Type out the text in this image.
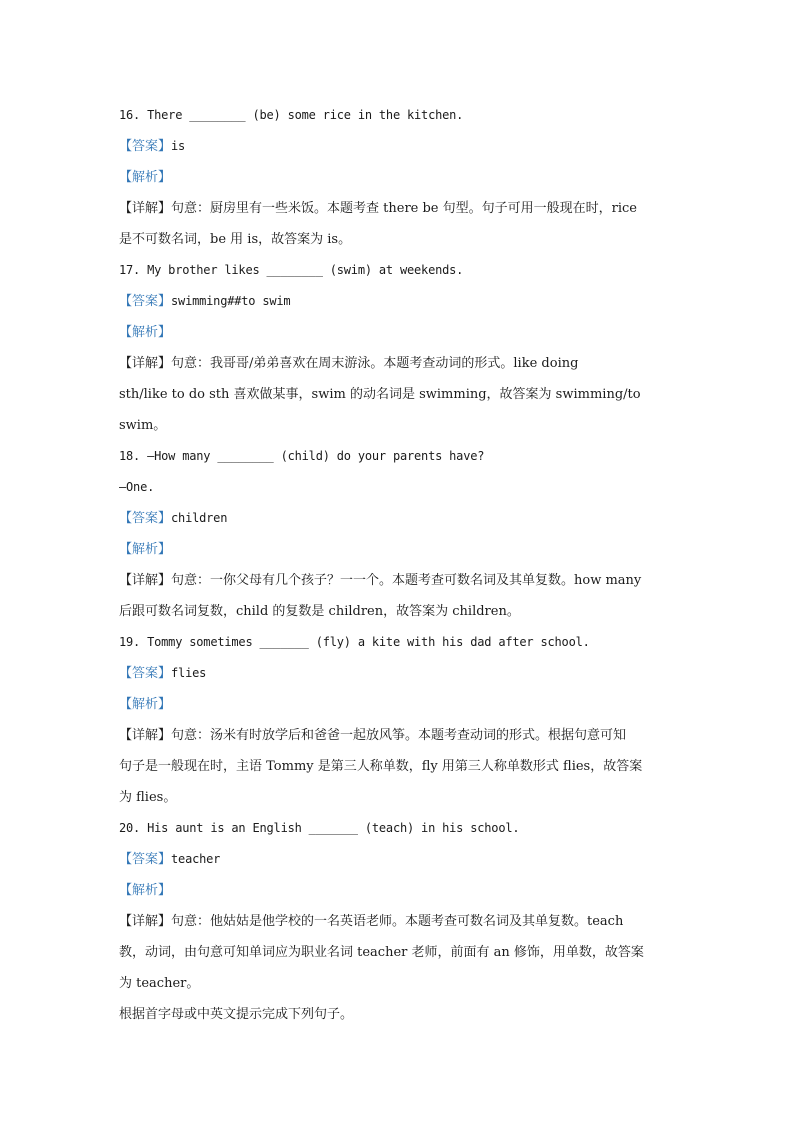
16. There ________ (be) some rice in the kitchen.
【答案】is
【解析】
【详解】句意：厨房里有一些米饭。本题考查 there be 句型。句子可用一般现在时，rice
是不可数名词，be 用 is，故答案为 is。
17. My brother likes ________ (swim) at weekends.
【答案】swimming##to swim
【解析】
【详解】句意：我哥哥/弟弟喜欢在周末游泳。本题考查动词的形式。like doing
sth/like to do sth 喜欢做某事，swim 的动名词是 swimming，故答案为 swimming/to
swim。
18. —How many ________ (child) do your parents have?
—One.
【答案】children
【解析】
【详解】句意：一你父母有几个孩子？一一个。本题考查可数名词及其单复数。how many
后跟可数名词复数，child 的复数是 children，故答案为 children。
19. Tommy sometimes _______ (fly) a kite with his dad after school.
【答案】flies
【解析】
【详解】句意：汤米有时放学后和爸爸一起放风筝。本题考查动词的形式。根据句意可知
句子是一般现在时，主语 Tommy 是第三人称单数，fly 用第三人称单数形式 flies，故答案
为 flies。
20. His aunt is an English _______ (teach) in his school.
【答案】teacher
【解析】
【详解】句意：他姑姑是他学校的一名英语老师。本题考查可数名词及其单复数。teach
教，动词，由句意可知单词应为职业名词 teacher 老师，前面有 an 修饰，用单数，故答案
为 teacher。
根据首字母或中英文提示完成下列句子。
